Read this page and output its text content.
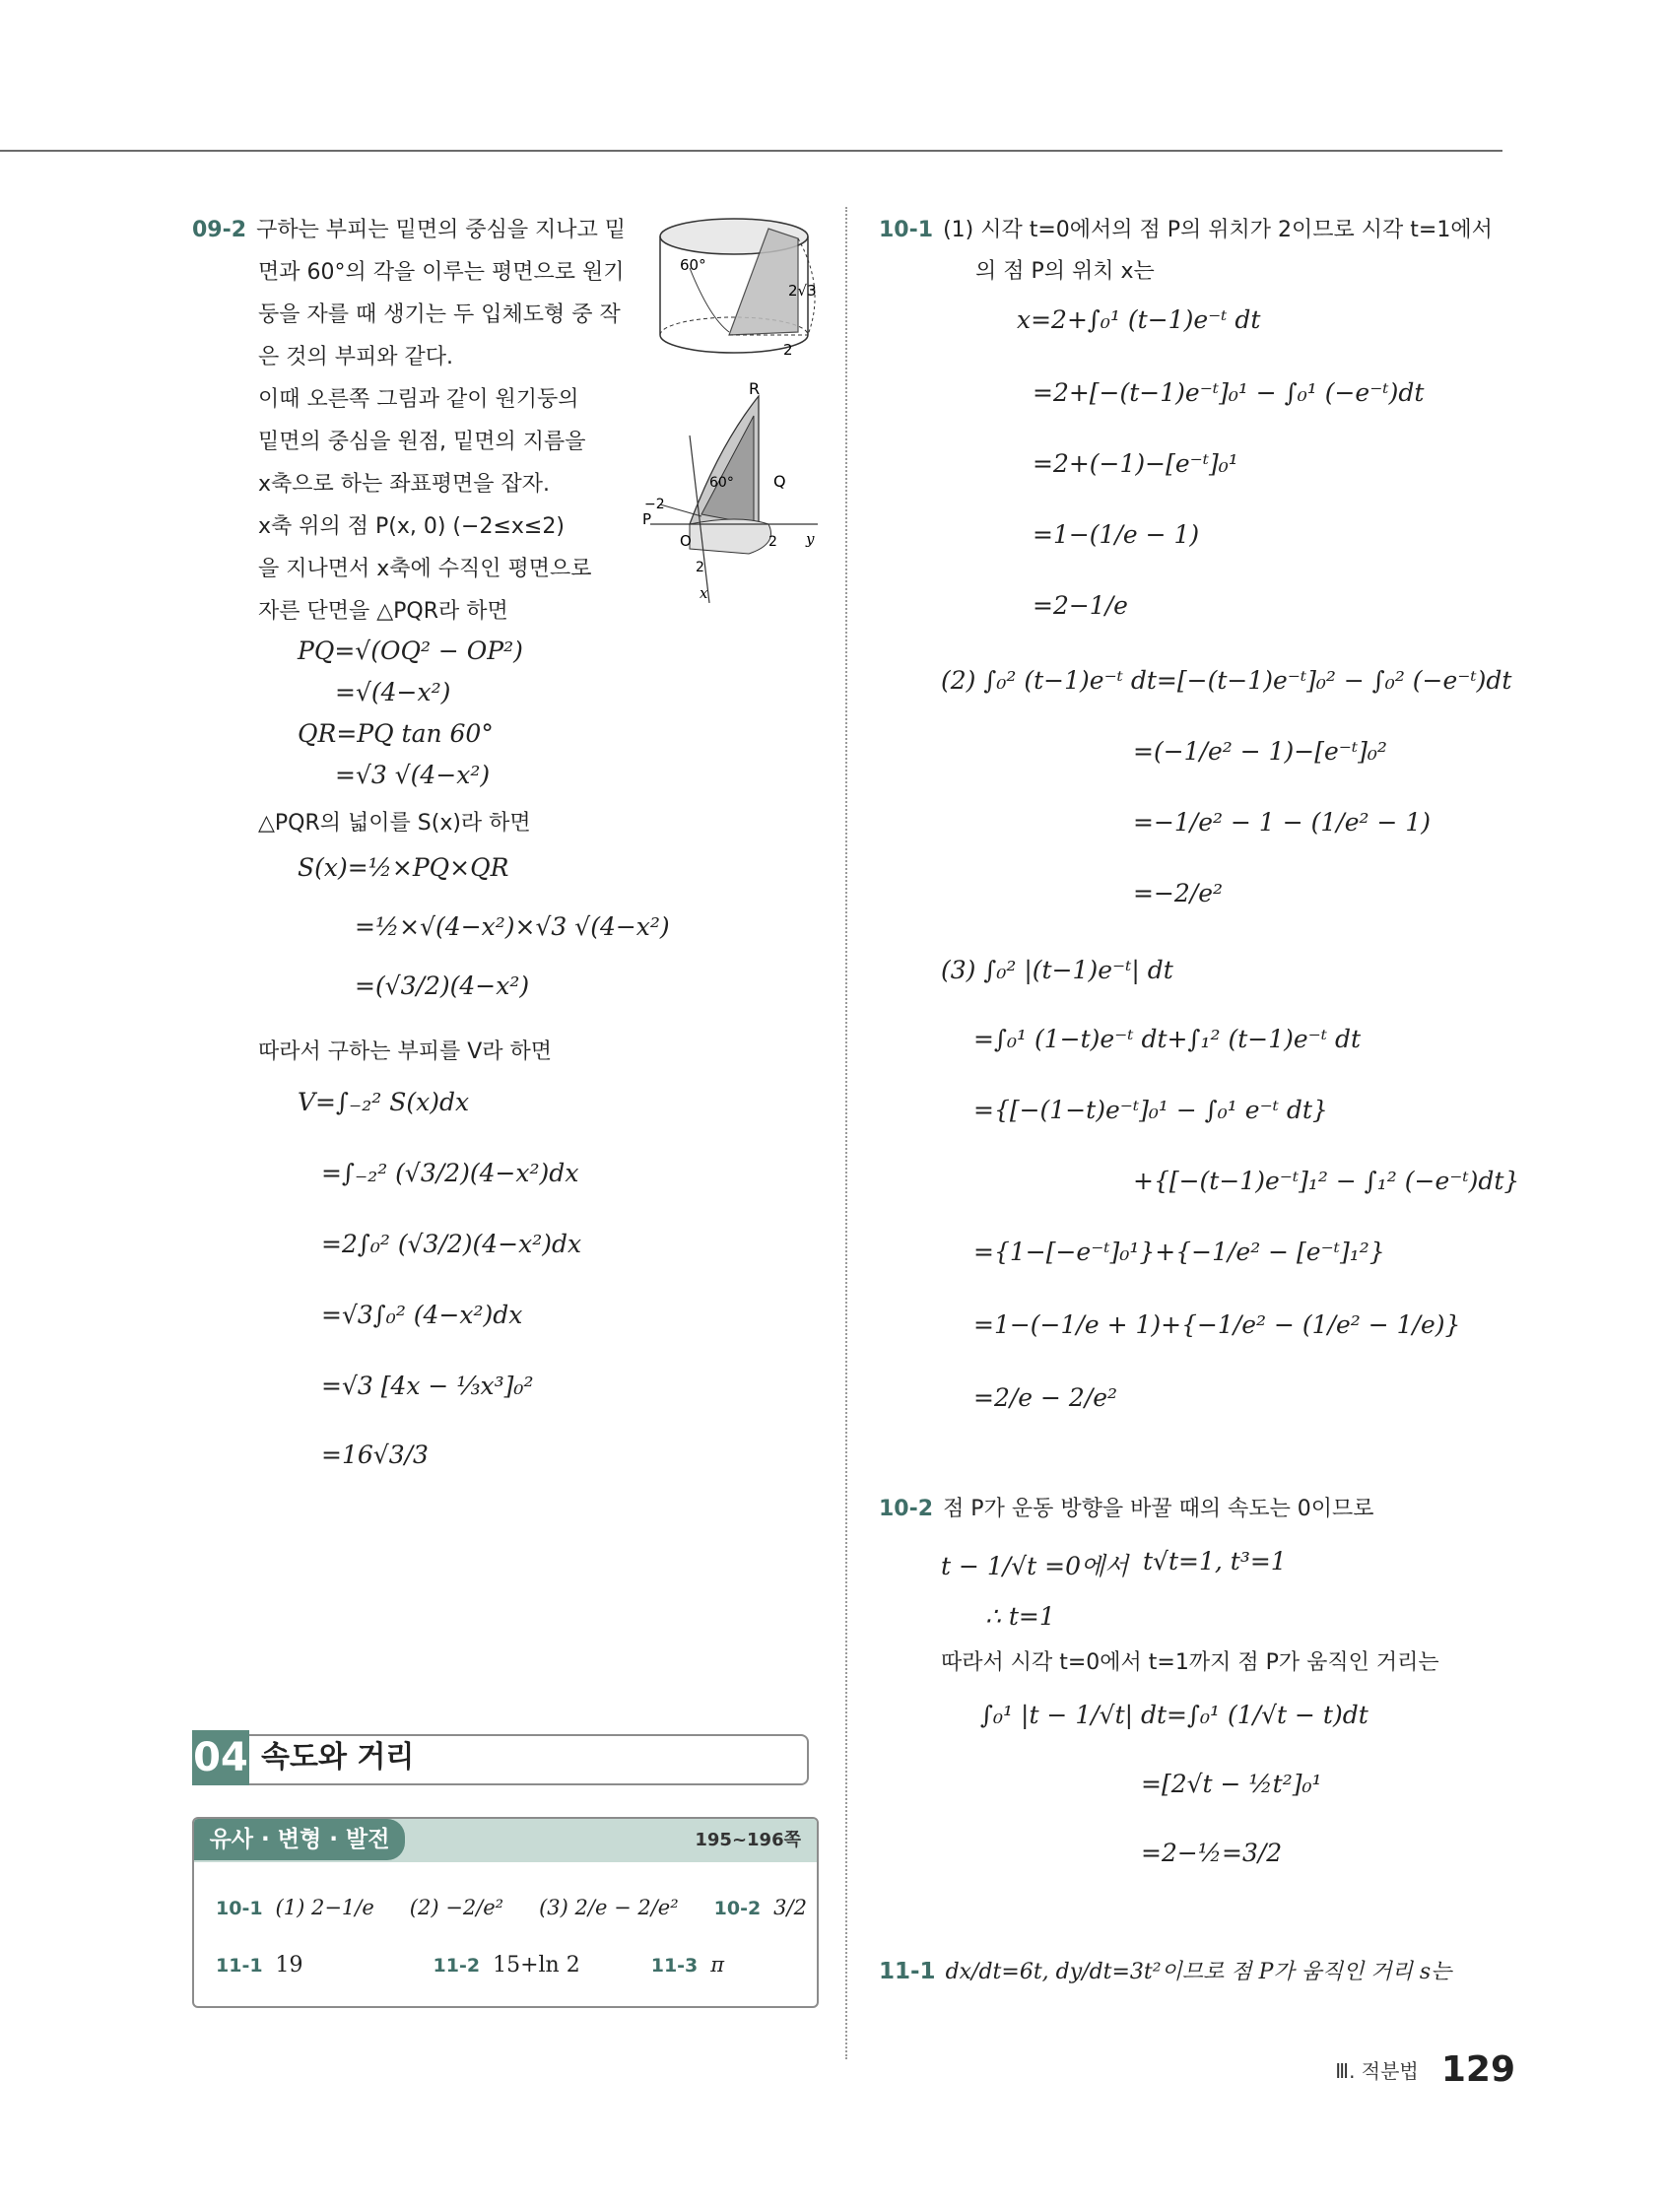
09-2 구하는 부피는 밑면의 중심을 지나고 밑
면과 60°의 각을 이루는 평면으로 원기
둥을 자를 때 생기는 두 입체도형 중 작
은 것의 부피와 같다.
이때 오른쪽 그림과 같이 원기둥의
밑면의 중심을 원점, 밑면의 지름을
x축으로 하는 좌표평면을 잡자.
x축 위의 점 P(x, 0) (−2≤x≤2)
을 지나면서 x축에 수직인 평면으로
자른 단면을 △PQR라 하면
PQ=√(OQ² − OP²)
=√(4−x²)
QR=PQ tan 60°
=√3 √(4−x²)
△PQR의 넓이를 S(x)라 하면
S(x)=½×PQ×QR
=½×√(4−x²)×√3 √(4−x²)
=(√3/2)(4−x²)
따라서 구하는 부피를 V라 하면
V=∫₋₂² S(x)dx
=∫₋₂² (√3/2)(4−x²)dx
=2∫₀² (√3/2)(4−x²)dx
=√3∫₀² (4−x²)dx
=√3 [4x − ⅓x³]₀²
=16√3/3
60°
2√3
2
R
Q
P
O
x
y
60°
−2
2
2
04 속도와 거리
유사 · 변형 · 발전	195~196쪽
10-1 (1) 2−1/e (2) −2/e² (3) 2/e − 2/e² 10-2 3/2
11-1 19	11-2 15+ln 2	11-3 π
10-1 (1) 시각 t=0에서의 점 P의 위치가 2이므로 시각 t=1에서
의 점 P의 위치 x는
x=2+∫₀¹ (t−1)e⁻ᵗ dt
=2+[−(t−1)e⁻ᵗ]₀¹ − ∫₀¹ (−e⁻ᵗ)dt
=2+(−1)−[e⁻ᵗ]₀¹
=1−(1/e − 1)
=2−1/e
(2) ∫₀² (t−1)e⁻ᵗ dt=[−(t−1)e⁻ᵗ]₀² − ∫₀² (−e⁻ᵗ)dt
=(−1/e² − 1)−[e⁻ᵗ]₀²
=−1/e² − 1 − (1/e² − 1)
=−2/e²
(3) ∫₀² |(t−1)e⁻ᵗ| dt
=∫₀¹ (1−t)e⁻ᵗ dt+∫₁² (t−1)e⁻ᵗ dt
={[−(1−t)e⁻ᵗ]₀¹ − ∫₀¹ e⁻ᵗ dt}
+{[−(t−1)e⁻ᵗ]₁² − ∫₁² (−e⁻ᵗ)dt}
={1−[−e⁻ᵗ]₀¹}+{−1/e² − [e⁻ᵗ]₁²}
=1−(−1/e + 1)+{−1/e² − (1/e² − 1/e)}
=2/e − 2/e²
10-2 점 P가 운동 방향을 바꿀 때의 속도는 0이므로
t − 1/√t =0에서 t√t=1, t³=1
∴ t=1
따라서 시각 t=0에서 t=1까지 점 P가 움직인 거리는
∫₀¹ |t − 1/√t| dt=∫₀¹ (1/√t − t)dt
=[2√t − ½t²]₀¹
=2−½=3/2
11-1 dx/dt=6t, dy/dt=3t²이므로 점 P가 움직인 거리 s는
Ⅲ. 적분법 129
